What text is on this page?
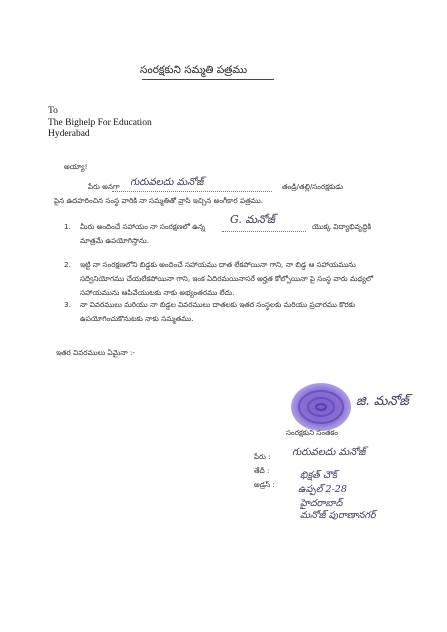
సంరక్షకుని సమ్మతి పత్రము
To
The Bighelp For Education
Hyderabad
అయ్యా!
పేరు అనగా గురువలదు మనోజ్	తండ్రి/తల్లి/సంరక్షకుడు
పైన ఉదహరించిన సంస్థ వారికి నా సమ్మతితో వ్రాసి ఇచ్చిన అంగీకార పత్రము.
1. మీరు అందించే సహాయం నా సంరక్షణలో ఉన్న
G. మనోజ్
యొక్క విద్యాభివృద్ధికి
మాత్రమే ఉపయోగిస్తాను.
2. ఇట్టి నా సంరక్షణలోని బిడ్డకు అందించే సహాయము దాత లేకపోయినా గాని, నా బిడ్డ ఆ సహాయమును
సద్వినియోగము చేయలేకపోయినా గాని, ఇంక ఏదిరమయినాసరే అర్హత కోల్పోయినా పై సంస్థ వారు మధ్యలో
సహాయమును ఆపివేయుటకు నాకు అభ్యంతరము లేదు.
3. నా వివరములు మరియు నా బిడ్డల వివరములు దాతలకు ఇతర సంస్థలకు మరియు ప్రచారము కొరకు
ఉపయోగించుకొనుటకు నాకు సమ్మతము.
ఇతర వివరములు ఏమైనా :-
జి. మనోజ్
సంరక్షకుని సంతకం
పేరు : గురువలదు మనోజ్
తేదీ :
అడ్రస్ :
భిక్షత్ చౌక్
ఉప్పల్ 2-28
హైదరాబాద్
మనోజ్ పురాణానగర్
